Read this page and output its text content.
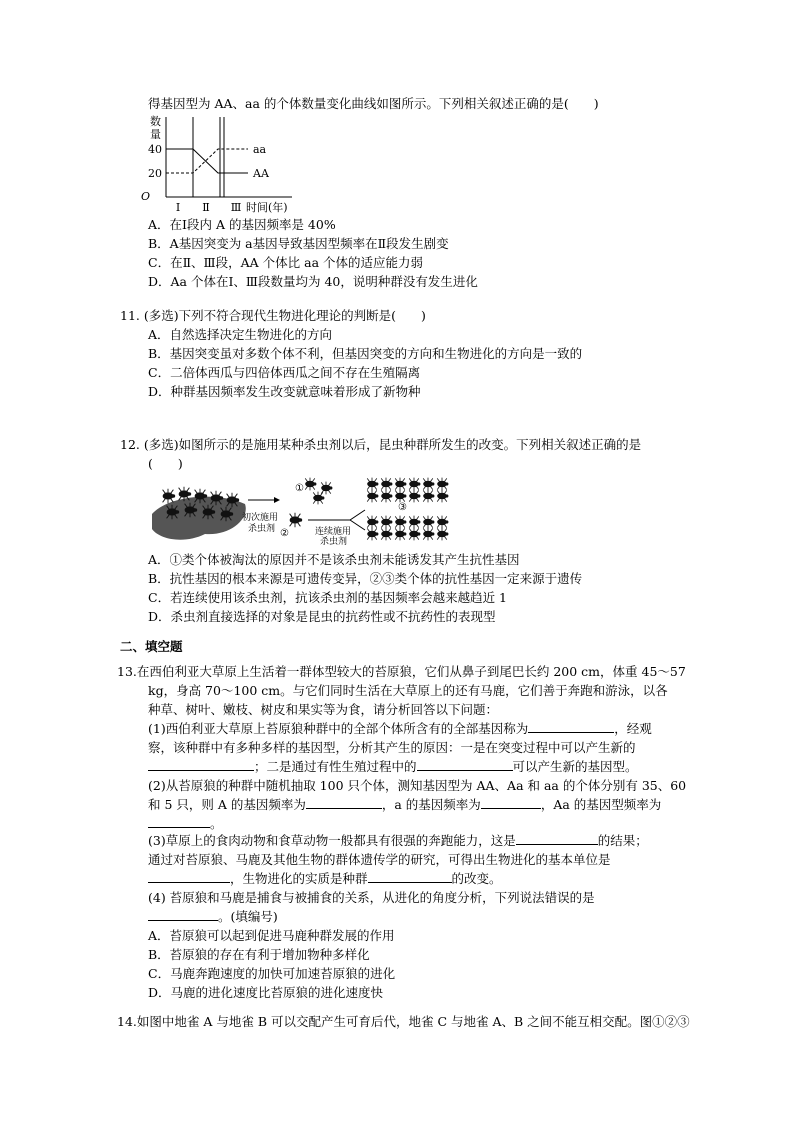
得基因型为 AA、aa 的个体数量变化曲线如图所示。下列相关叙述正确的是(　　)
数
量
40
20
O
Ⅰ Ⅱ Ⅲ 时间(年)
aa
AA
A．在Ⅰ段内 A 的基因频率是 40%
B．A基因突变为 a基因导致基因型频率在Ⅱ段发生剧变
C．在Ⅱ、Ⅲ段，AA 个体比 aa 个体的适应能力弱
D．Aa 个体在Ⅰ、Ⅲ段数量均为 40，说明种群没有发生进化
11. (多选)下列不符合现代生物进化理论的判断是(　　)
A．自然选择决定生物进化的方向
B．基因突变虽对多数个体不利，但基因突变的方向和生物进化的方向是一致的
C．二倍体西瓜与四倍体西瓜之间不存在生殖隔离
D．种群基因频率发生改变就意味着形成了新物种
12. (多选)如图所示的是施用某种杀虫剂以后，昆虫种群所发生的改变。下列相关叙述正确的是
(　　)
初次施用
杀虫剂
①
②
③
连续施用
杀虫剂
A．①类个体被淘汰的原因并不是该杀虫剂未能诱发其产生抗性基因
B．抗性基因的根本来源是可遗传变异，②③类个体的抗性基因一定来源于遗传
C．若连续使用该杀虫剂，抗该杀虫剂的基因频率会越来越趋近 1
D．杀虫剂直接选择的对象是昆虫的抗药性或不抗药性的表现型
二、填空题
13.在西伯利亚大草原上生活着一群体型较大的苔原狼，它们从鼻子到尾巴长约 200 cm，体重 45～57
kg，身高 70～100 cm。与它们同时生活在大草原上的还有马鹿，它们善于奔跑和游泳，以各
种草、树叶、嫩枝、树皮和果实等为食，请分析回答以下问题：
(1)西伯利亚大草原上苔原狼种群中的全部个体所含有的全部基因称为	，经观
察，该种群中有多种多样的基因型，分析其产生的原因：一是在突变过程中可以产生新的
；二是通过有性生殖过程中的	可以产生新的基因型。
(2)从苔原狼的种群中随机抽取 100 只个体，测知基因型为 AA、Aa 和 aa 的个体分别有 35、60
和 5 只，则 A 的基因频率为	，a 的基因频率为	，Aa 的基因型频率为
。
(3)草原上的食肉动物和食草动物一般都具有很强的奔跑能力，这是	的结果；
通过对苔原狼、马鹿及其他生物的群体遗传学的研究，可得出生物进化的基本单位是
，生物进化的实质是种群	的改变。
(4) 苔原狼和马鹿是捕食与被捕食的关系，从进化的角度分析，下列说法错误的是
。(填编号)
A．苔原狼可以起到促进马鹿种群发展的作用
B．苔原狼的存在有利于增加物种多样化
C．马鹿奔跑速度的加快可加速苔原狼的进化
D．马鹿的进化速度比苔原狼的进化速度快
14.如图中地雀 A 与地雀 B 可以交配产生可育后代，地雀 C 与地雀 A、B 之间不能互相交配。图①②③
